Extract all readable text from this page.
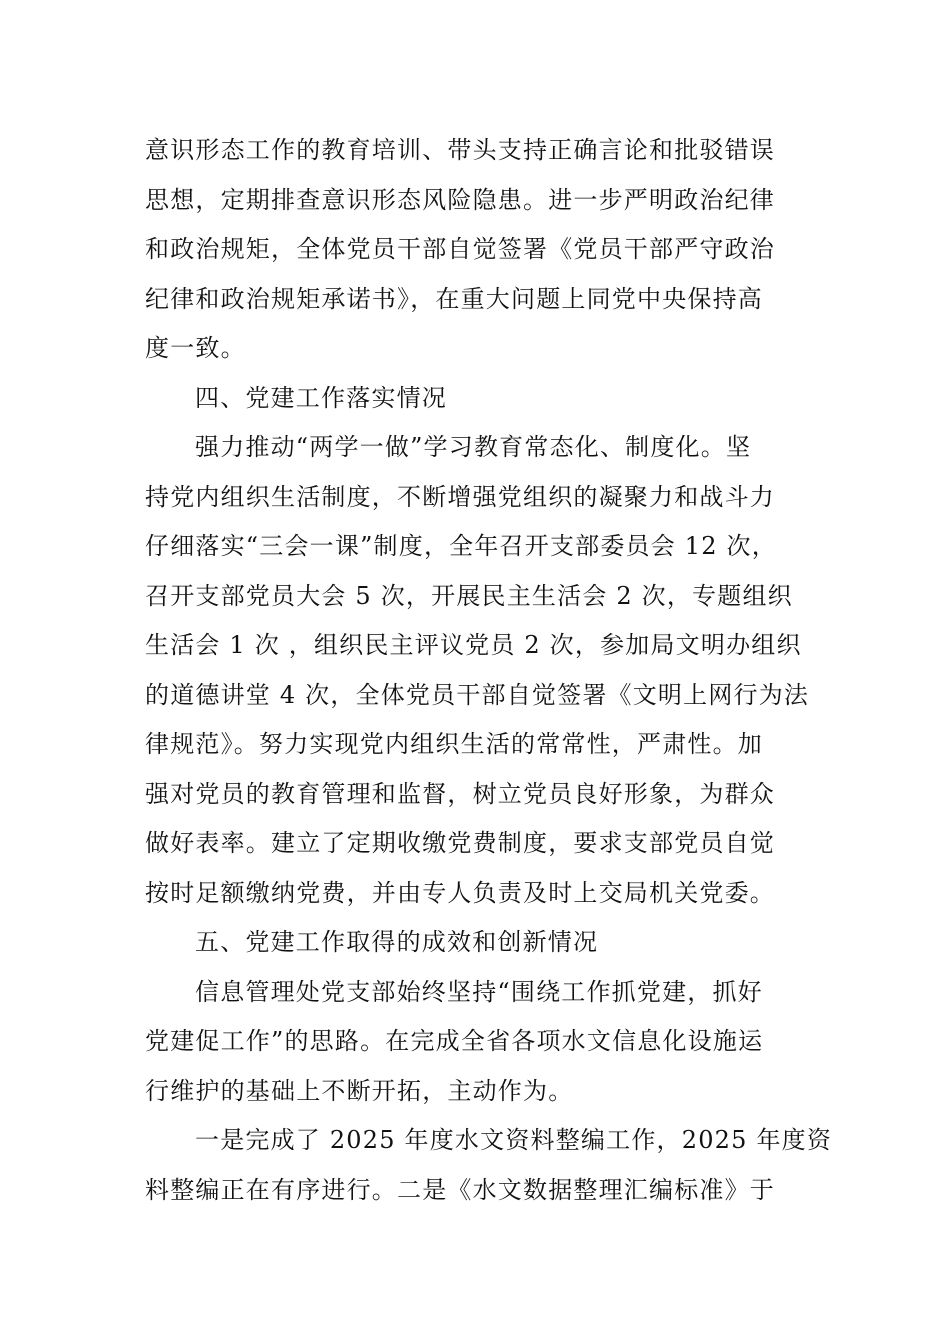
意识形态工作的教育培训、带头支持正确言论和批驳错误
思想，定期排查意识形态风险隐患。进一步严明政治纪律
和政治规矩，全体党员干部自觉签署《党员干部严守政治
纪律和政治规矩承诺书》，在重大问题上同党中央保持高
度一致。
四、党建工作落实情况
强力推动“两学一做”学习教育常态化、制度化。坚
持党内组织生活制度，不断增强党组织的凝聚力和战斗力
仔细落实“三会一课”制度，全年召开支部委员会 12 次，
召开支部党员大会 5 次，开展民主生活会 2 次，专题组织
生活会 1 次 ，组织民主评议党员 2 次，参加局文明办组织
的道德讲堂 4 次，全体党员干部自觉签署《文明上网行为法
律规范》。努力实现党内组织生活的常常性，严肃性。加
强对党员的教育管理和监督，树立党员良好形象，为群众
做好表率。建立了定期收缴党费制度，要求支部党员自觉
按时足额缴纳党费，并由专人负责及时上交局机关党委。
五、党建工作取得的成效和创新情况
信息管理处党支部始终坚持“围绕工作抓党建，抓好
党建促工作”的思路。在完成全省各项水文信息化设施运
行维护的基础上不断开拓，主动作为。
一是完成了 2025 年度水文资料整编工作，2025 年度资
料整编正在有序进行。二是《水文数据整理汇编标准》于
